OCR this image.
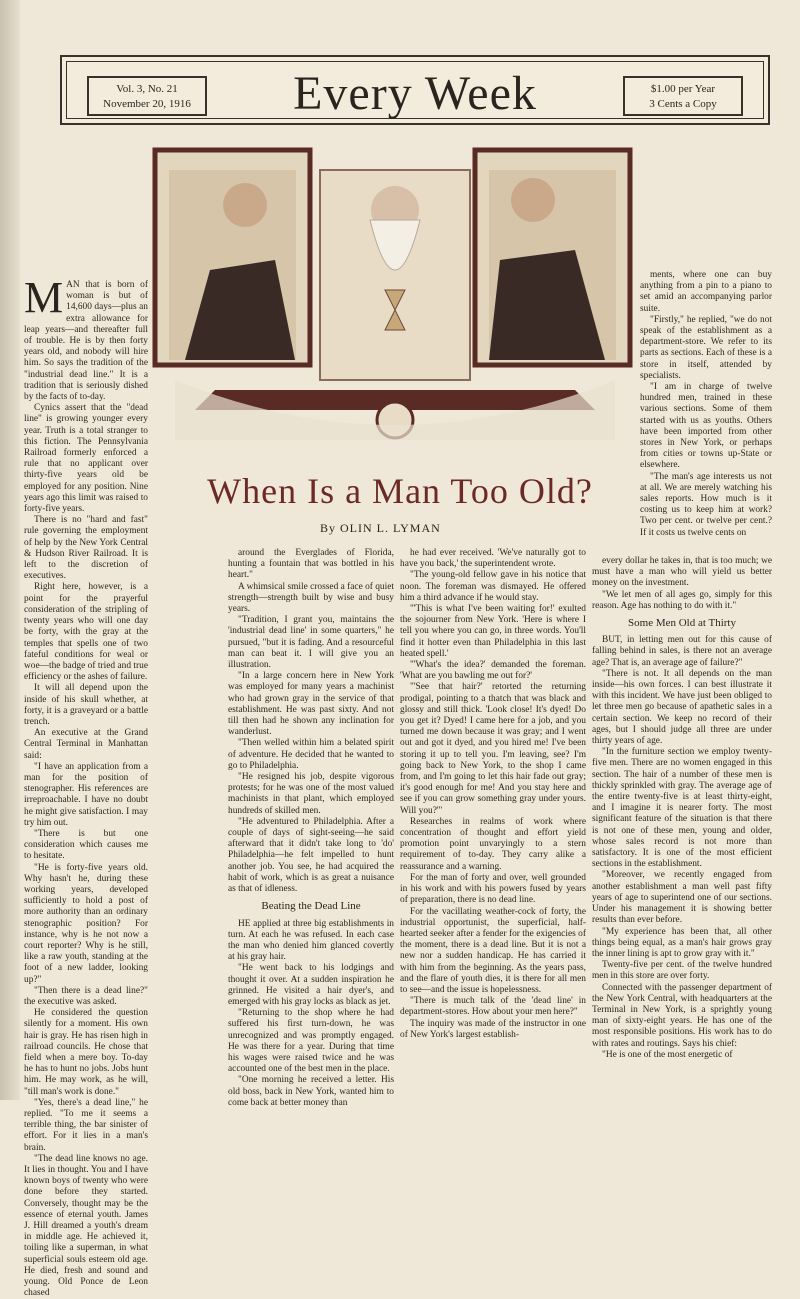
Vol. 3, No. 21
November 20, 1916	Every Week	$1.00 per Year
3 Cents a Copy
When Is a Man Too Old?
By OLIN L. LYMAN

MAN that is born of woman is but of 14,600 days—plus an extra allowance for leap years—and thereafter full of trouble. He is by then forty years old, and nobody will hire him. So says the tradition of the "industrial dead line." It is a tradition that is seriously dished by the facts of to-day.

Cynics assert that the "dead line" is growing younger every year. Truth is a total stranger to this fiction. The Pennsylvania Railroad formerly enforced a rule that no applicant over thirty-five years old be employed for any position. Nine years ago this limit was raised to forty-five years.

There is no "hard and fast" rule governing the employment of help by the New York Central & Hudson River Railroad. It is left to the discretion of executives.

Right here, however, is a point for the prayerful consideration of the stripling of twenty years who will one day be forty, with the gray at the temples that spells one of two fateful conditions for weal or woe—the badge of tried and true efficiency or the ashes of failure.

It will all depend upon the inside of his skull whether, at forty, it is a graveyard or a battle trench.

An executive at the Grand Central Terminal in Manhattan said:

"I have an application from a man for the position of stenographer. His references are irreproachable. I have no doubt he might give satisfaction. I may try him out.

"There is but one consideration which causes me to hesitate.

"He is forty-five years old. Why hasn't he, during these working years, developed sufficiently to hold a post of more authority than an ordinary stenographic position? For instance, why is he not now a court reporter? Why is he still, like a raw youth, standing at the foot of a new ladder, looking up?"

"Then there is a dead line?" the executive was asked.

He considered the question silently for a moment. His own hair is gray. He has risen high in railroad councils. He chose that field when a mere boy. To-day he has to hunt no jobs. Jobs hunt him. He may work, as he will, "till man's work is done."

"Yes, there's a dead line," he replied. "To me it seems a terrible thing, the bar sinister of effort. For it lies in a man's brain.

"The dead line knows no age. It lies in thought. You and I have known boys of twenty who were done before they started. Conversely, thought may be the essence of eternal youth. James J. Hill dreamed a youth's dream in middle age. He achieved it, toiling like a superman, in what superficial souls esteem old age. He died, fresh and sound and young. Old Ponce de Leon chased

around the Everglades of Florida, hunting a fountain that was bottled in his heart."

A whimsical smile crossed a face of quiet strength—strength built by wise and busy years.

"Tradition, I grant you, maintains the 'industrial dead line' in some quarters," he pursued, "but it is fading. And a resourceful man can beat it. I will give you an illustration.

"In a large concern here in New York was employed for many years a machinist who had grown gray in the service of that establishment. He was past sixty. And not till then had he shown any inclination for wanderlust.

"Then welled within him a belated spirit of adventure. He decided that he wanted to go to Philadelphia.

"He resigned his job, despite vigorous protests; for he was one of the most valued machinists in that plant, which employed hundreds of skilled men.

"He adventured to Philadelphia. After a couple of days of sight-seeing—he said afterward that it didn't take long to 'do' Philadelphia—he felt impelled to hunt another job. You see, he had acquired the habit of work, which is as great a nuisance as that of idleness.

Beating the Dead Line

HE applied at three big establishments in turn. At each he was refused. In each case the man who denied him glanced covertly at his gray hair.

"He went back to his lodgings and thought it over. At a sudden inspiration he grinned. He visited a hair dyer's, and emerged with his gray locks as black as jet.

"Returning to the shop where he had suffered his first turn-down, he was unrecognized and was promptly engaged. He was there for a year. During that time his wages were raised twice and he was accounted one of the best men in the place.

"One morning he received a letter. His old boss, back in New York, wanted him to come back at better money than

he had ever received. 'We've naturally got to have you back,' the superintendent wrote.

"The young-old fellow gave in his notice that noon. The foreman was dismayed. He offered him a third advance if he would stay.

"'This is what I've been waiting for!' exulted the sojourner from New York. 'Here is where I tell you where you can go, in three words. You'll find it hotter even than Philadelphia in this last heated spell.'

"'What's the idea?' demanded the foreman. 'What are you bawling me out for?'

"'See that hair?' retorted the returning prodigal, pointing to a thatch that was black and glossy and still thick. 'Look close! It's dyed! Do you get it? Dyed! I came here for a job, and you turned me down because it was gray; and I went out and got it dyed, and you hired me! I've been storing it up to tell you. I'm leaving, see? I'm going back to New York, to the shop I came from, and I'm going to let this hair fade out gray; it's good enough for me! And you stay here and see if you can grow something gray under yours. Will you?'"

Researches in realms of work where concentration of thought and effort yield promotion point unvaryingly to a stern requirement of to-day. They carry alike a reassurance and a warning.

For the man of forty and over, well grounded in his work and with his powers fused by years of preparation, there is no dead line.

For the vacillating weather-cock of forty, the industrial opportunist, the superficial, half-hearted seeker after a fender for the exigencies of the moment, there is a dead line. But it is not a new nor a sudden handicap. He has carried it with him from the beginning. As the years pass, and the flare of youth dies, it is there for all men to see—and the issue is hopelessness.

"There is much talk of the 'dead line' in department-stores. How about your men here?"

The inquiry was made of the instructor in one of New York's largest establish-

ments, where one can buy anything from a pin to a piano to set amid an accompanying parlor suite.

"Firstly," he replied, "we do not speak of the establishment as a department-store. We refer to its parts as sections. Each of these is a store in itself, attended by specialists.

"I am in charge of twelve hundred men, trained in these various sections. Some of them started with us as youths. Others have been imported from other stores in New York, or perhaps from cities or towns up-State or elsewhere.

"The man's age interests us not at all. We are merely watching his sales reports. How much is it costing us to keep him at work? Two per cent. or twelve per cent.? If it costs us twelve cents on

every dollar he takes in, that is too much; we must have a man who will yield us better money on the investment.

"We let men of all ages go, simply for this reason. Age has nothing to do with it."

Some Men Old at Thirty

BUT, in letting men out for this cause of falling behind in sales, is there not an average age? That is, an average age of failure?"

"There is not. It all depends on the man inside—his own forces. I can best illustrate it with this incident. We have just been obliged to let three men go because of apathetic sales in a certain section. We keep no record of their ages, but I should judge all three are under thirty years of age.

"In the furniture section we employ twenty-five men. There are no women engaged in this section. The hair of a number of these men is thickly sprinkled with gray. The average age of the entire twenty-five is at least thirty-eight, and I imagine it is nearer forty. The most significant feature of the situation is that there is not one of these men, young and older, whose sales record is not more than satisfactory. It is one of the most efficient sections in the establishment.

"Moreover, we recently engaged from another establishment a man well past fifty years of age to superintend one of our sections. Under his management it is showing better results than ever before.

"My experience has been that, all other things being equal, as a man's hair grows gray the inner lining is apt to grow gray with it."

Twenty-five per cent. of the twelve hundred men in this store are over forty.

Connected with the passenger department of the New York Central, with headquarters at the Terminal in New York, is a sprightly young man of sixty-eight years. He has one of the most responsible positions. His work has to do with rates and routings. Says his chief:

"He is one of the most energetic of
